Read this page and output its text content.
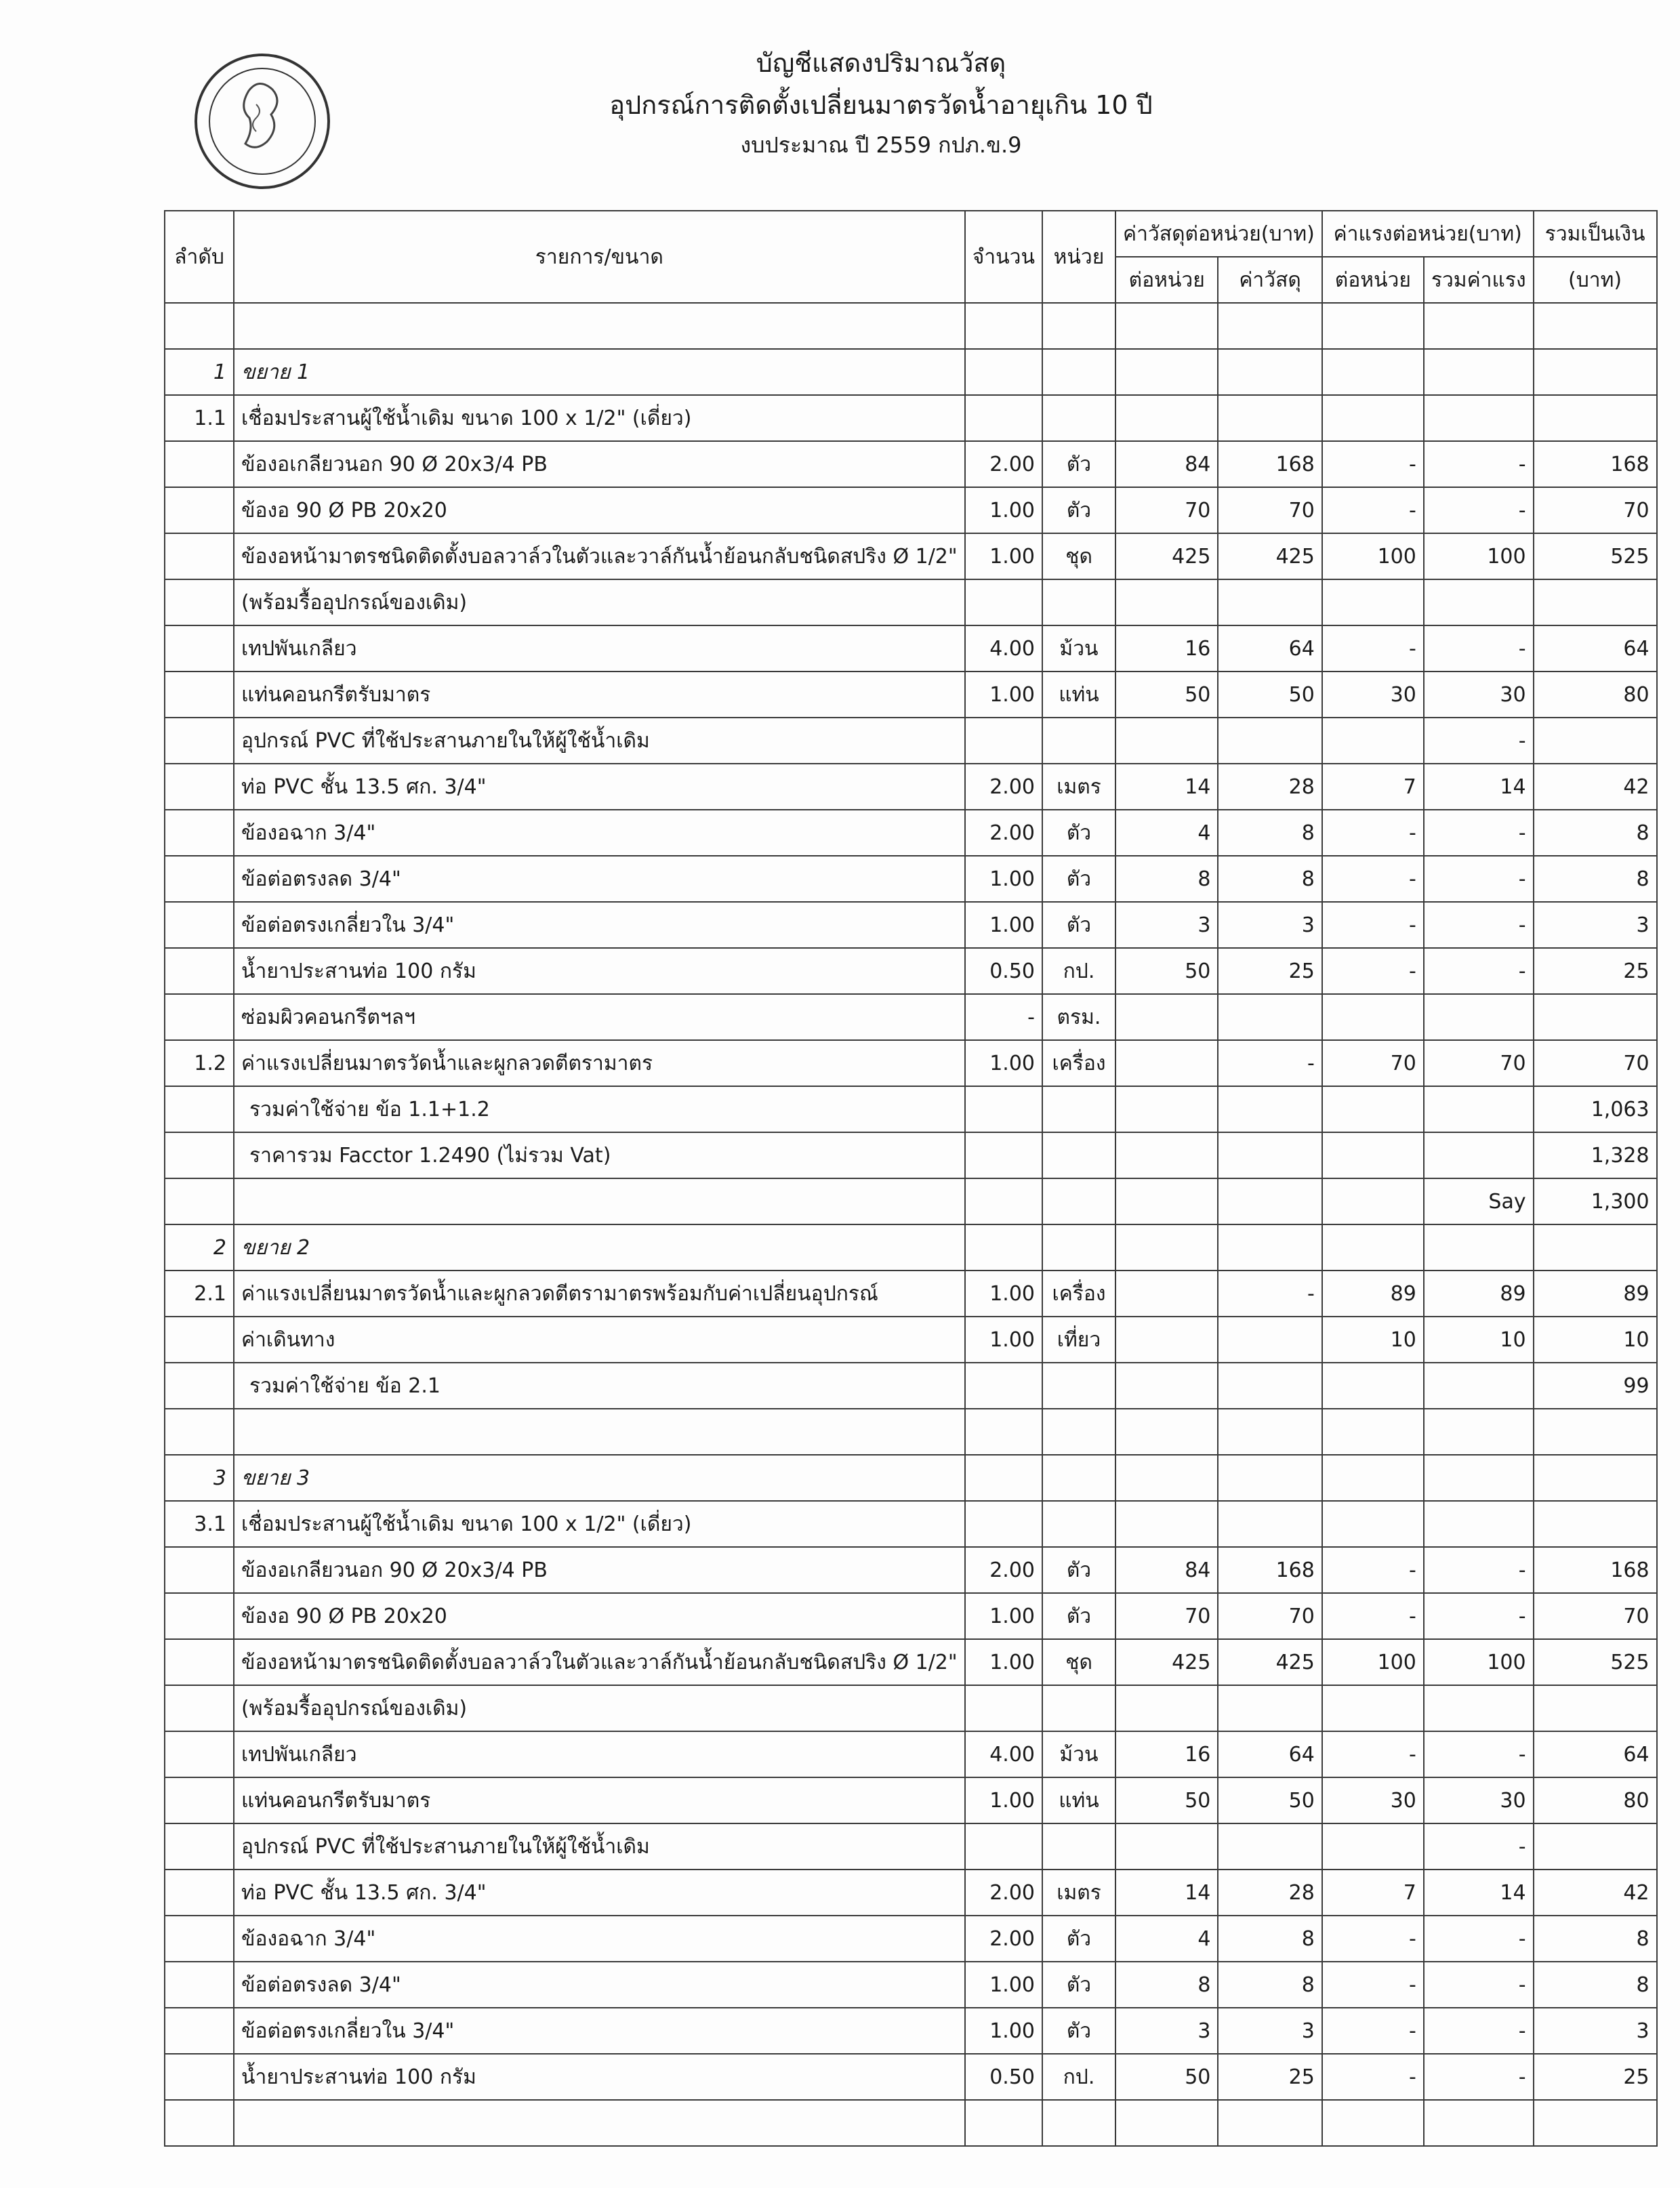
บัญชีแสดงปริมาณวัสดุ
อุปกรณ์การติดตั้งเปลี่ยนมาตรวัดน้ำอายุเกิน 10 ปี
งบประมาณ ปี 2559 กปภ.ข.9
ลำดับ	รายการ/ขนาด	จำนวน	หน่วย	ค่าวัสดุต่อหน่วย(บาท)		ค่าแรงต่อหน่วย(บาท)		รวมเป็นเงิน
				ต่อหน่วย	ค่าวัสดุ	ต่อหน่วย	รวมค่าแรง	(บาท)

1	ขยาย 1							
1.1	เชื่อมประสานผู้ใช้น้ำเดิม ขนาด 100 x 1/2" (เดี่ยว)							
	ข้องอเกลียวนอก 90 Ø 20x3/4 PB	2.00	ตัว	84	168	-	-	168
	ข้องอ 90 Ø PB 20x20	1.00	ตัว	70	70	-	-	70
	ข้องอหน้ามาตรชนิดติดตั้งบอลวาล์วในตัวและวาล์กันน้ำย้อนกลับชนิดสปริง Ø 1/2"	1.00	ชุด	425	425	100	100	525
	(พร้อมรื้ออุปกรณ์ของเดิม)							
	เทปพันเกลียว	4.00	ม้วน	16	64	-	-	64
	แท่นคอนกรีตรับมาตร	1.00	แท่น	50	50	30	30	80
	อุปกรณ์ PVC ที่ใช้ประสานภายในให้ผู้ใช้น้ำเดิม						-	
	ท่อ PVC ชั้น 13.5 ศก. 3/4"	2.00	เมตร	14	28	7	14	42
	ข้องอฉาก 3/4"	2.00	ตัว	4	8	-	-	8
	ข้อต่อตรงลด 3/4"	1.00	ตัว	8	8	-	-	8
	ข้อต่อตรงเกลี่ยวใน 3/4"	1.00	ตัว	3	3	-	-	3
	น้ำยาประสานท่อ 100 กรัม	0.50	กป.	50	25	-	-	25
	ซ่อมผิวคอนกรีตฯลฯ	-	ตรม.					
1.2	ค่าแรงเปลี่ยนมาตรวัดน้ำและผูกลวดตีตรามาตร	1.00	เครื่อง		-	70	70	70
	รวมค่าใช้จ่าย ข้อ 1.1+1.2							1,063
	ราคารวม Facctor 1.2490 (ไม่รวม Vat)							1,328
							Say	1,300
2	ขยาย 2							
2.1	ค่าแรงเปลี่ยนมาตรวัดน้ำและผูกลวดตีตรามาตรพร้อมกับค่าเปลี่ยนอุปกรณ์	1.00	เครื่อง		-	89	89	89
	ค่าเดินทาง	1.00	เที่ยว			10	10	10
	รวมค่าใช้จ่าย ข้อ 2.1							99

3	ขยาย 3							
3.1	เชื่อมประสานผู้ใช้น้ำเดิม ขนาด 100 x 1/2" (เดี่ยว)							
	ข้องอเกลียวนอก 90 Ø 20x3/4 PB	2.00	ตัว	84	168	-	-	168
	ข้องอ 90 Ø PB 20x20	1.00	ตัว	70	70	-	-	70
	ข้องอหน้ามาตรชนิดติดตั้งบอลวาล์วในตัวและวาล์กันน้ำย้อนกลับชนิดสปริง Ø 1/2"	1.00	ชุด	425	425	100	100	525
	(พร้อมรื้ออุปกรณ์ของเดิม)							
	เทปพันเกลียว	4.00	ม้วน	16	64	-	-	64
	แท่นคอนกรีตรับมาตร	1.00	แท่น	50	50	30	30	80
	อุปกรณ์ PVC ที่ใช้ประสานภายในให้ผู้ใช้น้ำเดิม						-	
	ท่อ PVC ชั้น 13.5 ศก. 3/4"	2.00	เมตร	14	28	7	14	42
	ข้องอฉาก 3/4"	2.00	ตัว	4	8	-	-	8
	ข้อต่อตรงลด 3/4"	1.00	ตัว	8	8	-	-	8
	ข้อต่อตรงเกลี่ยวใน 3/4"	1.00	ตัว	3	3	-	-	3
	น้ำยาประสานท่อ 100 กรัม	0.50	กป.	50	25	-	-	25
